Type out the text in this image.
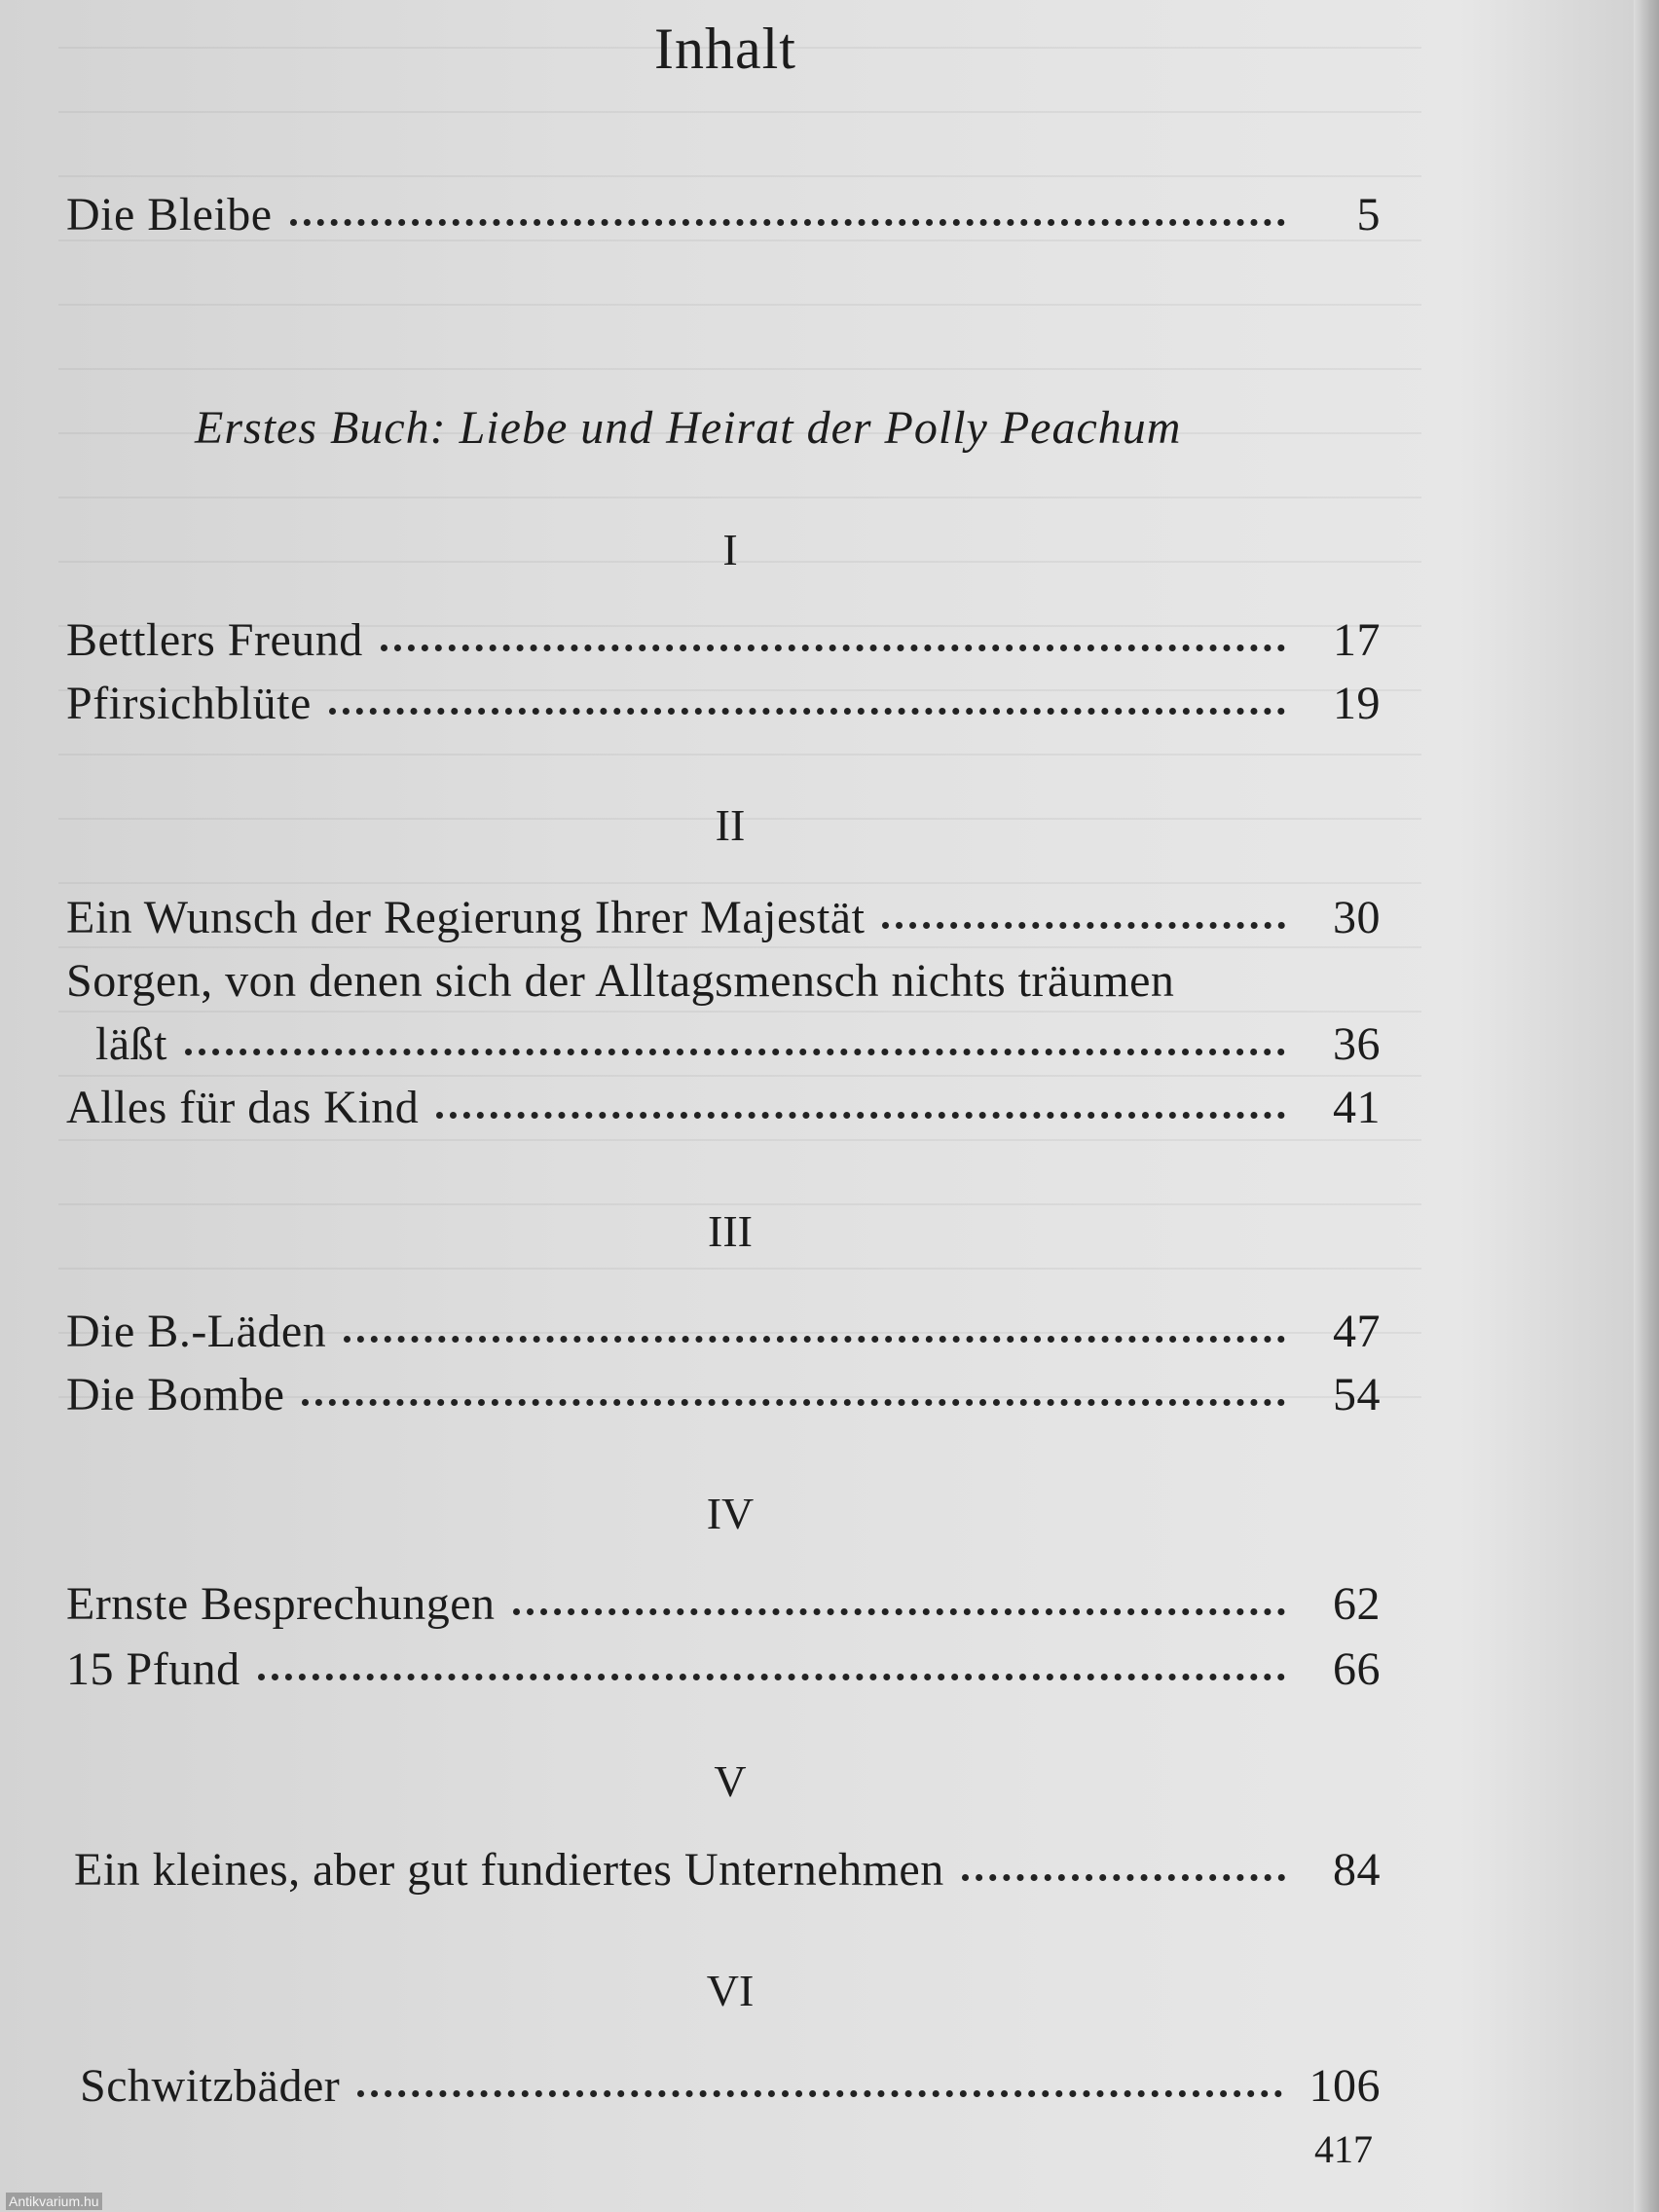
Inhalt
Die Bleibe	5
Erstes Buch: Liebe und Heirat der Polly Peachum
I
Bettlers Freund	17
Pfirsichblüte	19
II
Ein Wunsch der Regierung Ihrer Majestät	30
Sorgen, von denen sich der Alltagsmensch nichts träumen
läßt	36
Alles für das Kind	41
III
Die B.-Läden	47
Die Bombe	54
IV
Ernste Besprechungen	62
15 Pfund	66
V
Ein kleines, aber gut fundiertes Unternehmen	84
VI
Schwitzbäder	106
417
Antikvarium.hu
